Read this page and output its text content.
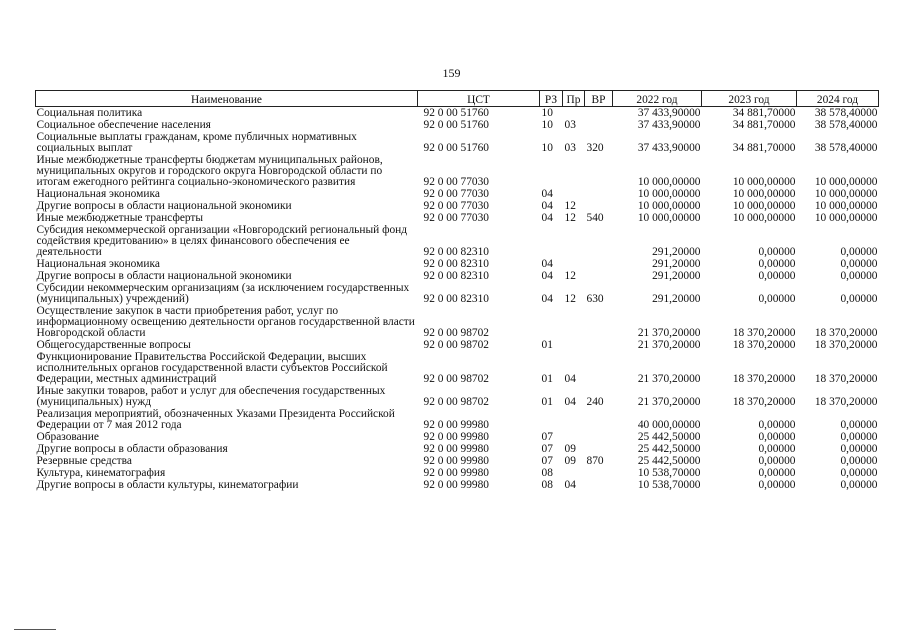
159
Наименование	ЦСТ	РЗ	Пр	ВР	2022 год	2023 год	2024 год
Социальная политика	92 0 00 51760	10			37 433,90000	34 881,70000	38 578,40000
Социальное обеспечение населения	92 0 00 51760	10	03		37 433,90000	34 881,70000	38 578,40000
Социальные выплаты гражданам, кроме публичных нормативных социальных выплат	92 0 00 51760	10	03	320	37 433,90000	34 881,70000	38 578,40000
Иные межбюджетные трансферты бюджетам муниципальных районов, муниципальных округов и городского округа Новгородской области по итогам ежегодного рейтинга социально-экономического развития	92 0 00 77030				10 000,00000	10 000,00000	10 000,00000
Национальная экономика	92 0 00 77030	04			10 000,00000	10 000,00000	10 000,00000
Другие вопросы в области национальной экономики	92 0 00 77030	04	12		10 000,00000	10 000,00000	10 000,00000
Иные межбюджетные трансферты	92 0 00 77030	04	12	540	10 000,00000	10 000,00000	10 000,00000
Субсидия некоммерческой организации «Новгородский региональный фонд содействия кредитованию» в целях финансового обеспечения ее деятельности	92 0 00 82310				291,20000	0,00000	0,00000
Национальная экономика	92 0 00 82310	04			291,20000	0,00000	0,00000
Другие вопросы в области национальной экономики	92 0 00 82310	04	12		291,20000	0,00000	0,00000
Субсидии некоммерческим организациям (за исключением государственных (муниципальных) учреждений)	92 0 00 82310	04	12	630	291,20000	0,00000	0,00000
Осуществление закупок в части приобретения работ, услуг по информационному освещению деятельности органов государственной власти Новгородской области	92 0 00 98702				21 370,20000	18 370,20000	18 370,20000
Общегосударственные вопросы	92 0 00 98702	01			21 370,20000	18 370,20000	18 370,20000
Функционирование Правительства Российской Федерации, высших исполнительных органов государственной власти субъектов Российской Федерации, местных администраций	92 0 00 98702	01	04		21 370,20000	18 370,20000	18 370,20000
Иные закупки товаров, работ и услуг для обеспечения государственных (муниципальных) нужд	92 0 00 98702	01	04	240	21 370,20000	18 370,20000	18 370,20000
Реализация мероприятий, обозначенных Указами Президента Российской Федерации от 7 мая 2012 года	92 0 00 99980				40 000,00000	0,00000	0,00000
Образование	92 0 00 99980	07			25 442,50000	0,00000	0,00000
Другие вопросы в области образования	92 0 00 99980	07	09		25 442,50000	0,00000	0,00000
Резервные средства	92 0 00 99980	07	09	870	25 442,50000	0,00000	0,00000
Культура, кинематография	92 0 00 99980	08			10 538,70000	0,00000	0,00000
Другие вопросы в области культуры, кинематографии	92 0 00 99980	08	04		10 538,70000	0,00000	0,00000
